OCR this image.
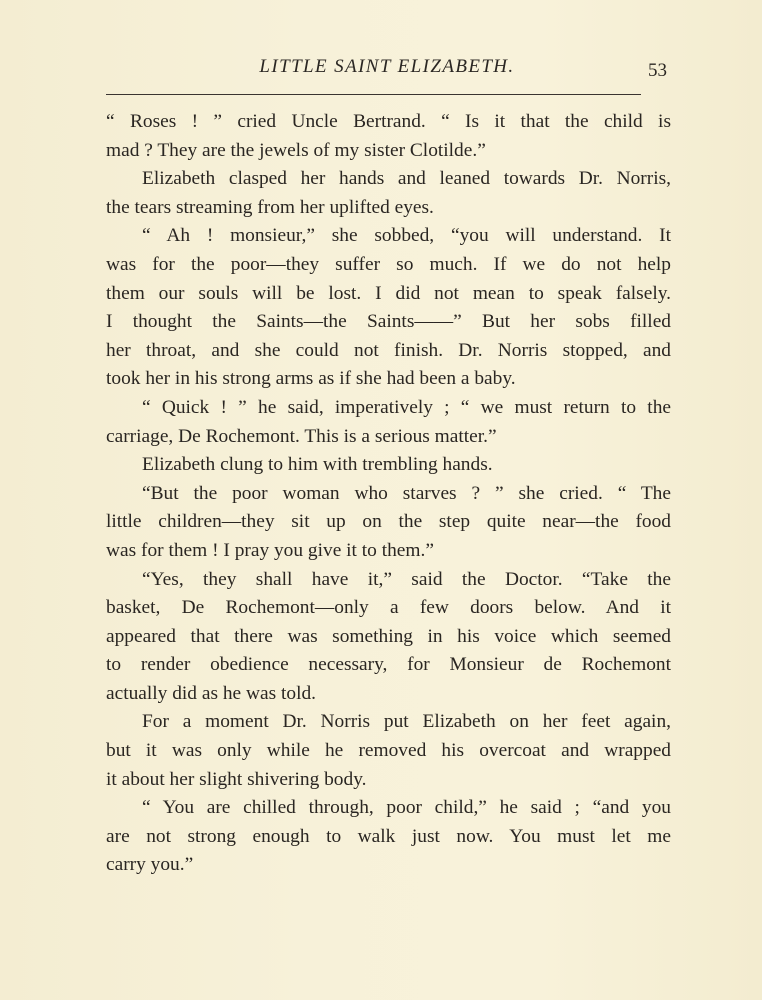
LITTLE SAINT ELIZABETH.	53
“ Roses ! ” cried Uncle Bertrand. “ Is it that the child is
mad ? They are the jewels of my sister Clotilde.”
Elizabeth clasped her hands and leaned towards Dr. Norris,
the tears streaming from her uplifted eyes.
“ Ah ! monsieur,” she sobbed, “you will understand. It
was for the poor—they suffer so much. If we do not help
them our souls will be lost. I did not mean to speak falsely.
I thought the Saints—the Saints——” But her sobs filled
her throat, and she could not finish. Dr. Norris stopped, and
took her in his strong arms as if she had been a baby.
“ Quick ! ” he said, imperatively ; “ we must return to the
carriage, De Rochemont. This is a serious matter.”
Elizabeth clung to him with trembling hands.
“But the poor woman who starves ? ” she cried. “ The
little children—they sit up on the step quite near—the food
was for them ! I pray you give it to them.”
“Yes, they shall have it,” said the Doctor. “Take the
basket, De Rochemont—only a few doors below. And it
appeared that there was something in his voice which seemed
to render obedience necessary, for Monsieur de Rochemont
actually did as he was told.
For a moment Dr. Norris put Elizabeth on her feet again,
but it was only while he removed his overcoat and wrapped
it about her slight shivering body.
“ You are chilled through, poor child,” he said ; “and you
are not strong enough to walk just now. You must let me
carry you.”
